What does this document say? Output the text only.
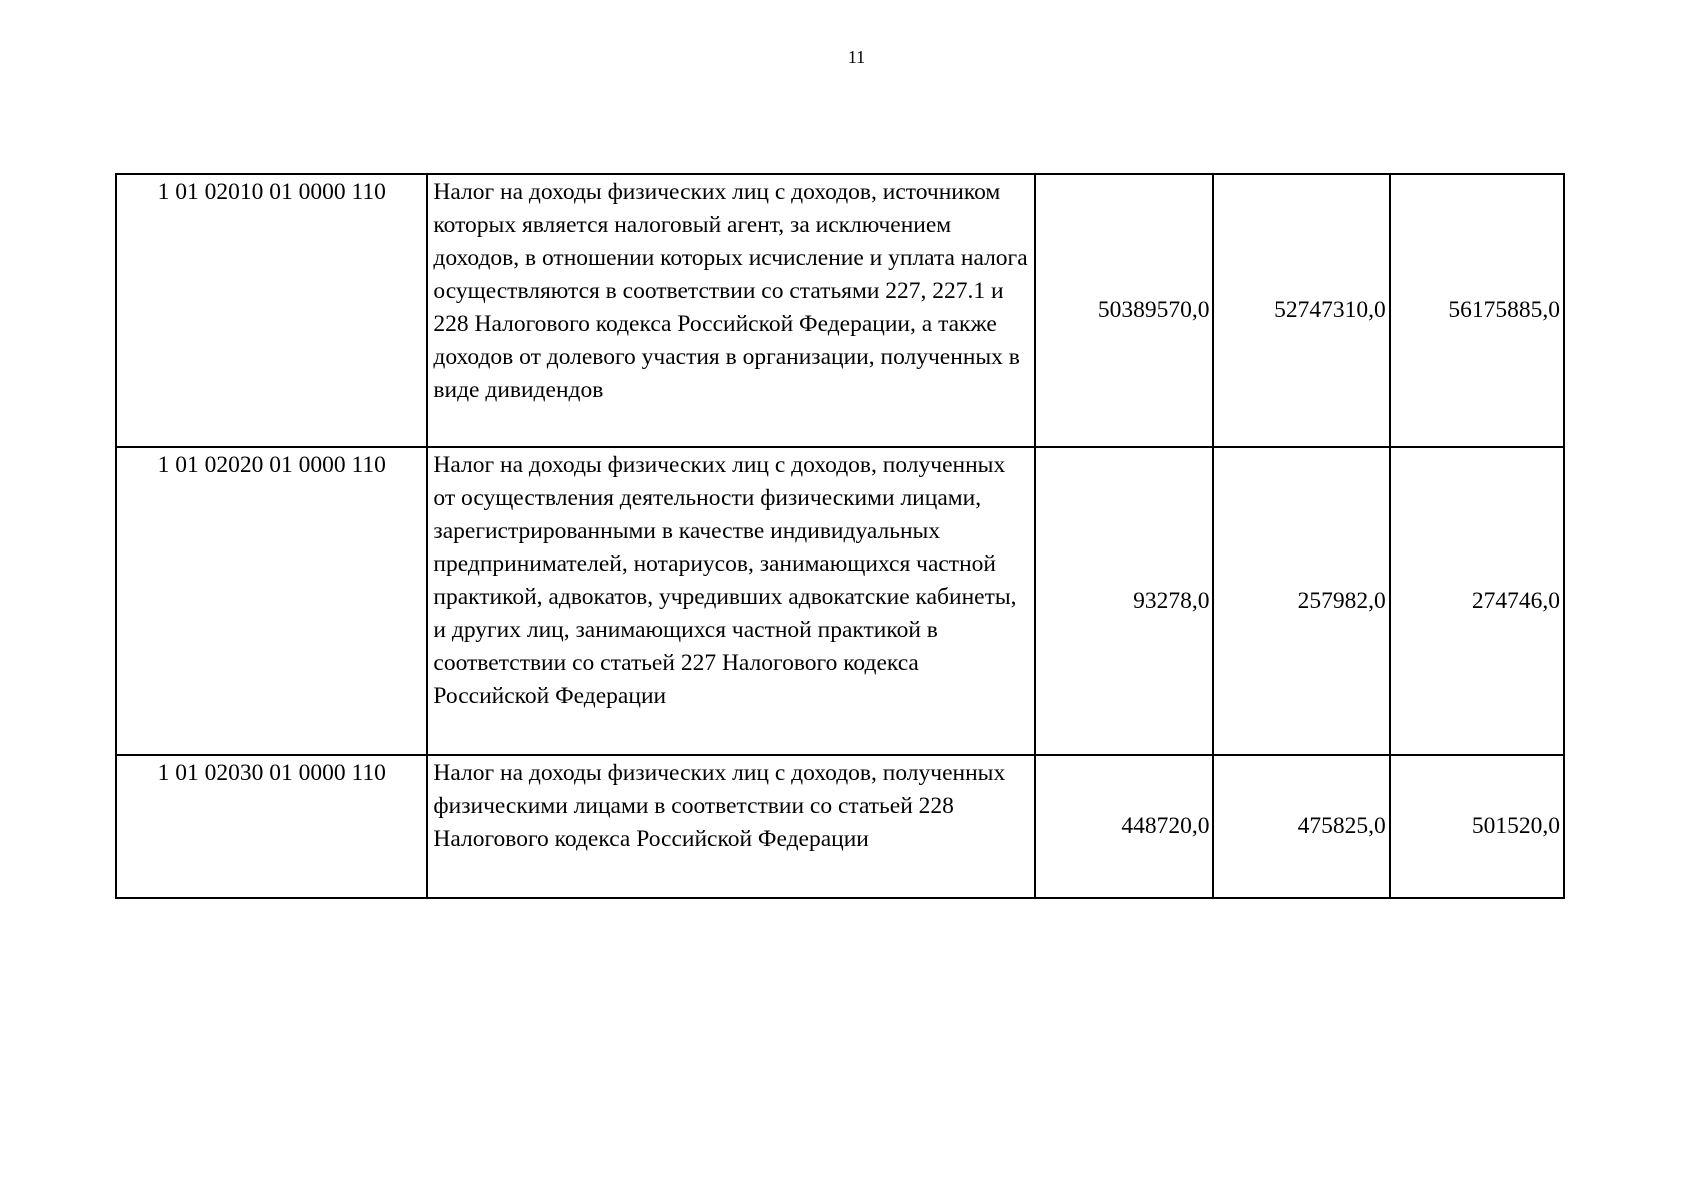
11
1 01 02010 01 0000 110	Налог на доходы физических лиц с доходов, источником которых является налоговый агент, за исключением доходов, в отношении которых исчисление и уплата налога осуществляются в соответствии со статьями 227, 227.1 и 228 Налогового кодекса Российской Федерации, а также доходов от долевого участия в организации, полученных в виде дивидендов	50389570,0	52747310,0	56175885,0
1 01 02020 01 0000 110	Налог на доходы физических лиц с доходов, полученных от осуществления деятельности физическими лицами, зарегистрированными в качестве индивидуальных предпринимателей, нотариусов, занимающихся частной практикой, адвокатов, учредивших адвокатские кабинеты, и других лиц, занимающихся частной практикой в соответствии со статьей 227 Налогового кодекса Российской Федерации	93278,0	257982,0	274746,0
1 01 02030 01 0000 110	Налог на доходы физических лиц с доходов, полученных физическими лицами в соответствии со статьей 228 Налогового кодекса Российской Федерации	448720,0	475825,0	501520,0
